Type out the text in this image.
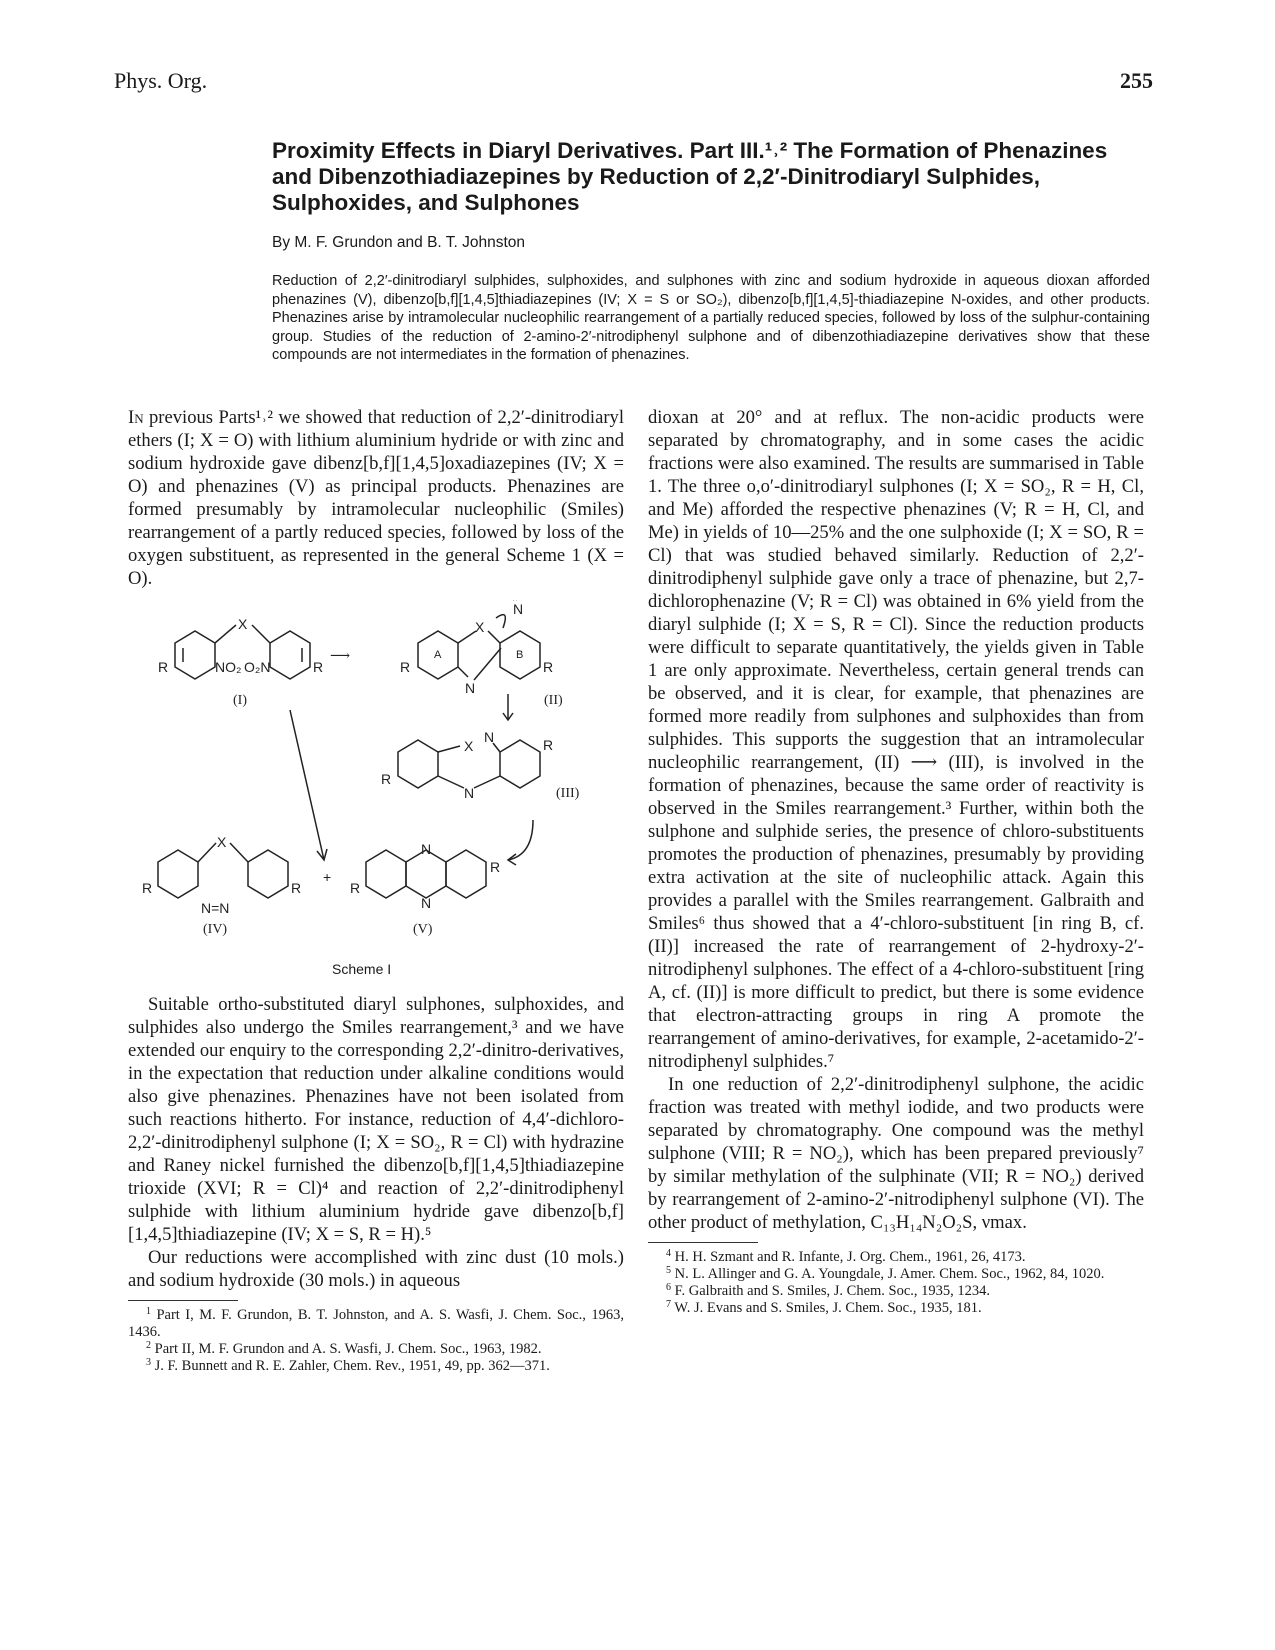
Phys. Org.	255
Proximity Effects in Diaryl Derivatives. Part III.¹˒² The Formation of Phenazines and Dibenzothiadiazepines by Reduction of 2,2′-Dinitrodiaryl Sulphides, Sulphoxides, and Sulphones
By M. F. Grundon and B. T. Johnston

Reduction of 2,2′-dinitrodiaryl sulphides, sulphoxides, and sulphones with zinc and sodium hydroxide in aqueous dioxan afforded phenazines (V), dibenzo[b,f][1,4,5]thiadiazepines (IV; X = S or SO₂), dibenzo[b,f][1,4,5]-thiadiazepine N-oxides, and other products. Phenazines arise by intramolecular nucleophilic rearrangement of a partially reduced species, followed by loss of the sulphur-containing group. Studies of the reduction of 2-amino-2′-nitrodiphenyl sulphone and of dibenzothiadiazepine derivatives show that these compounds are not intermediates in the formation of phenazines.

In previous Parts¹˒² we showed that reduction of 2,2′-dinitrodiaryl ethers (I; X = O) with lithium aluminium hydride or with zinc and sodium hydroxide gave dibenz[b,f][1,4,5]oxadiazepines (IV; X = O) and phenazines (V) as principal products. Phenazines are formed presumably by intramolecular nucleophilic (Smiles) rearrangement of a partly reduced species, followed by loss of the oxygen substituent, as represented in the general Scheme 1 (X = O).

X
R	R
NO₂ O₂N
(I)
⟶	A	B
X
N
N
R	R
(II)
X
N
N
R
R
(III)
X
N=N
R	R
(IV)
+
N
N
R
R
(V)
Scheme I

Suitable ortho-substituted diaryl sulphones, sulphoxides, and sulphides also undergo the Smiles rearrangement,³ and we have extended our enquiry to the corresponding 2,2′-dinitro-derivatives, in the expectation that reduction under alkaline conditions would also give phenazines. Phenazines have not been isolated from such reactions hitherto. For instance, reduction of 4,4′-dichloro-2,2′-dinitrodiphenyl sulphone (I; X = SO₂, R = Cl) with hydrazine and Raney nickel furnished the dibenzo[b,f][1,4,5]thiadiazepine trioxide (XVI; R = Cl)⁴ and reaction of 2,2′-dinitrodiphenyl sulphide with lithium aluminium hydride gave dibenzo[b,f][1,4,5]thiadiazepine (IV; X = S, R = H).⁵

Our reductions were accomplished with zinc dust (10 mols.) and sodium hydroxide (30 mols.) in aqueous

$^1$ Part I, M. F. Grundon, B. T. Johnston, and A. S. Wasfi, J. Chem. Soc., 1963, 1436.
$^2$ Part II, M. F. Grundon and A. S. Wasfi, J. Chem. Soc., 1963, 1982.
$^3$ J. F. Bunnett and R. E. Zahler, Chem. Rev., 1951, 49, pp. 362—371.

dioxan at 20° and at reflux. The non-acidic products were separated by chromatography, and in some cases the acidic fractions were also examined. The results are summarised in Table 1. The three o,o′-dinitrodiaryl sulphones (I; X = SO₂, R = H, Cl, and Me) afforded the respective phenazines (V; R = H, Cl, and Me) in yields of 10—25% and the one sulphoxide (I; X = SO, R = Cl) that was studied behaved similarly. Reduction of 2,2′-dinitrodiphenyl sulphide gave only a trace of phenazine, but 2,7-dichlorophenazine (V; R = Cl) was obtained in 6% yield from the diaryl sulphide (I; X = S, R = Cl). Since the reduction products were difficult to separate quantitatively, the yields given in Table 1 are only approximate. Nevertheless, certain general trends can be observed, and it is clear, for example, that phenazines are formed more readily from sulphones and sulphoxides than from sulphides. This supports the suggestion that an intramolecular nucleophilic rearrangement, (II) ⟶ (III), is involved in the formation of phenazines, because the same order of reactivity is observed in the Smiles rearrangement.³ Further, within both the sulphone and sulphide series, the presence of chloro-substituents promotes the production of phenazines, presumably by providing extra activation at the site of nucleophilic attack. Again this provides a parallel with the Smiles rearrangement. Galbraith and Smiles⁶ thus showed that a 4′-chloro-substituent [in ring B, cf. (II)] increased the rate of rearrangement of 2-hydroxy-2′-nitrodiphenyl sulphones. The effect of a 4-chloro-substituent [ring A, cf. (II)] is more difficult to predict, but there is some evidence that electron-attracting groups in ring A promote the rearrangement of amino-derivatives, for example, 2-acetamido-2′-nitrodiphenyl sulphides.⁷

In one reduction of 2,2′-dinitrodiphenyl sulphone, the acidic fraction was treated with methyl iodide, and two products were separated by chromatography. One compound was the methyl sulphone (VIII; R = NO₂), which has been prepared previously⁷ by similar methylation of the sulphinate (VII; R = NO₂) derived by rearrangement of 2-amino-2′-nitrodiphenyl sulphone (VI). The other product of methylation, C₁₃H₁₄N₂O₂S, νmax.

$^4$ H. H. Szmant and R. Infante, J. Org. Chem., 1961, 26, 4173.
$^5$ N. L. Allinger and G. A. Youngdale, J. Amer. Chem. Soc., 1962, 84, 1020.
$^6$ F. Galbraith and S. Smiles, J. Chem. Soc., 1935, 1234.
$^7$ W. J. Evans and S. Smiles, J. Chem. Soc., 1935, 181.
